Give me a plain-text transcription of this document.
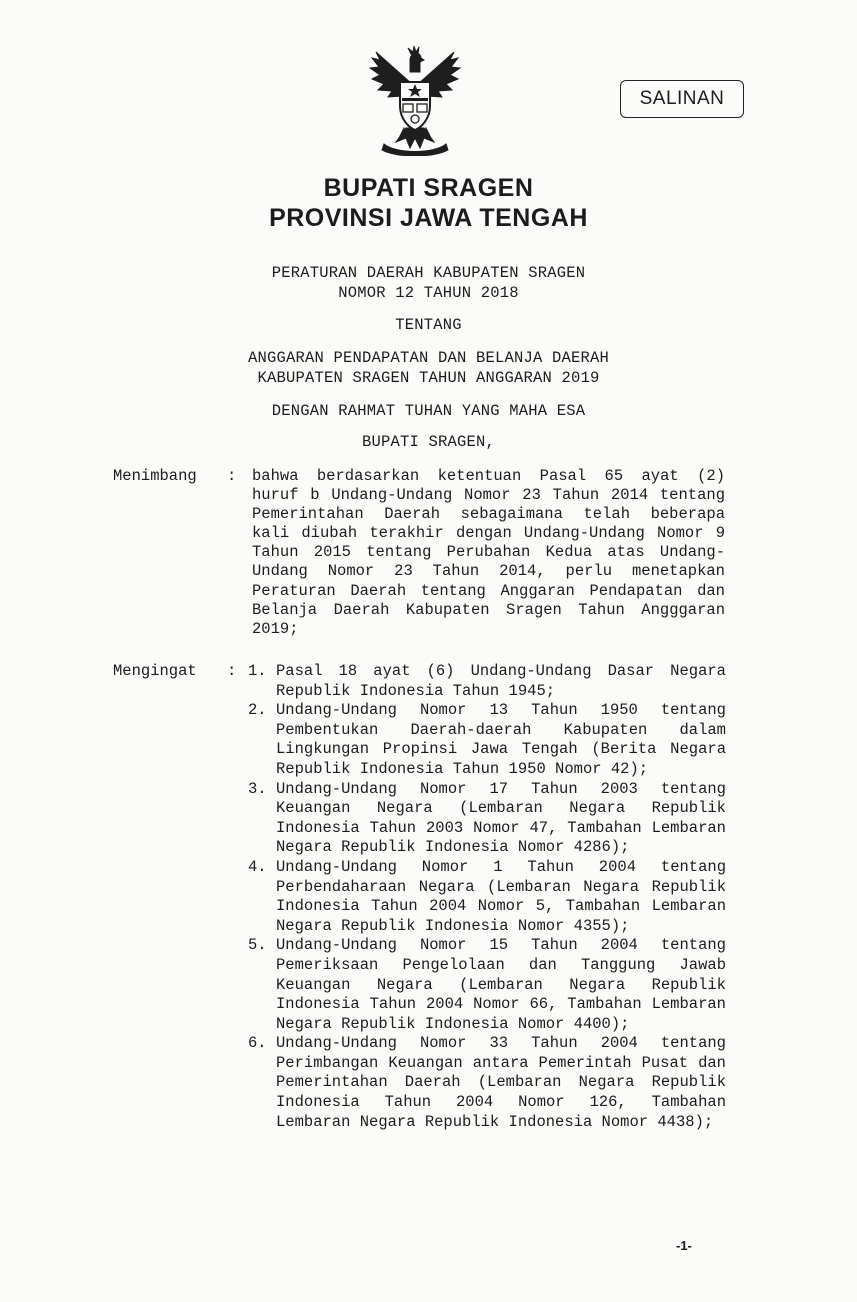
SALINAN
BUPATI SRAGEN
PROVINSI JAWA TENGAH
PERATURAN DAERAH KABUPATEN SRAGEN
NOMOR 12 TAHUN 2018
TENTANG
ANGGARAN PENDAPATAN DAN BELANJA DAERAH
KABUPATEN SRAGEN TAHUN ANGGARAN 2019
DENGAN RAHMAT TUHAN YANG MAHA ESA
BUPATI SRAGEN,
Menimbang : bahwa berdasarkan ketentuan Pasal 65 ayat (2) huruf b Undang-Undang Nomor 23 Tahun 2014 tentang Pemerintahan Daerah sebagaimana telah beberapa kali diubah terakhir dengan Undang-Undang Nomor 9 Tahun 2015 tentang Perubahan Kedua atas Undang-Undang Nomor 23 Tahun 2014, perlu menetapkan Peraturan Daerah tentang Anggaran Pendapatan dan Belanja Daerah Kabupaten Sragen Tahun Angggaran 2019;
Mengingat : 1. Pasal 18 ayat (6) Undang-Undang Dasar Negara Republik Indonesia Tahun 1945;
2. Undang-Undang Nomor 13 Tahun 1950 tentang Pembentukan Daerah-daerah Kabupaten dalam Lingkungan Propinsi Jawa Tengah (Berita Negara Republik Indonesia Tahun 1950 Nomor 42);
3. Undang-Undang Nomor 17 Tahun 2003 tentang Keuangan Negara (Lembaran Negara Republik Indonesia Tahun 2003 Nomor 47, Tambahan Lembaran Negara Republik Indonesia Nomor 4286);
4. Undang-Undang Nomor 1 Tahun 2004 tentang Perbendaharaan Negara (Lembaran Negara Republik Indonesia Tahun 2004 Nomor 5, Tambahan Lembaran Negara Republik Indonesia Nomor 4355);
5. Undang-Undang Nomor 15 Tahun 2004 tentang Pemeriksaan Pengelolaan dan Tanggung Jawab Keuangan Negara (Lembaran Negara Republik Indonesia Tahun 2004 Nomor 66, Tambahan Lembaran Negara Republik Indonesia Nomor 4400);
6. Undang-Undang Nomor 33 Tahun 2004 tentang Perimbangan Keuangan antara Pemerintah Pusat dan Pemerintahan Daerah (Lembaran Negara Republik Indonesia Tahun 2004 Nomor 126, Tambahan Lembaran Negara Republik Indonesia Nomor 4438);
-1-
